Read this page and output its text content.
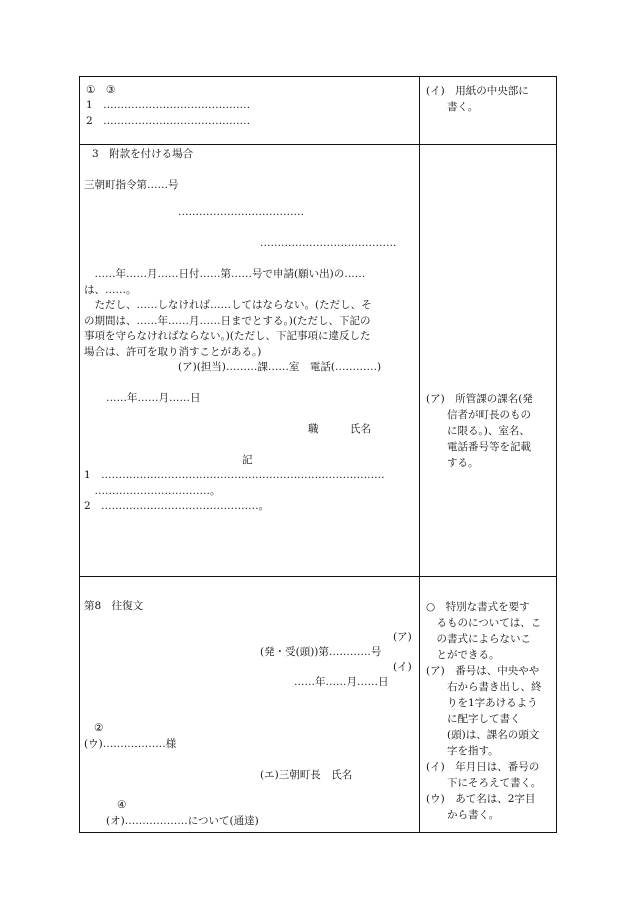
①　③
1　……………………………………
2　……………………………………
(イ)　用紙の中央部に
　　書く。
3　附款を付ける場合
三朝町指令第……号
………………………………
…………………………………
　……年……月……日付……第……号で申請(願い出)の……
は、……。
　ただし、……しなければ……してはならない。(ただし、そ
の期間は、……年……月……日までとする。)(ただし、下記の
事項を守らなければならない。)(ただし、下記事項に違反した
場合は、許可を取り消すことがある。)
(ア)(担当)………課……室　電話(…………)
……年……月……日
職　　　氏名
記
1　………………………………………………………………………
　……………………………。
2　………………………………………。
(ア)　所管課の課名(発
　　信者が町長のもの
　　に限る。)、室名、
　　電話番号等を記載
　　する。
第8　往復文
(ア)
(発・受(頭))第…………号
(イ)
……年……月……日
②
(ウ)………………様
(エ)三朝町長　氏名
④
(オ)………………について(通達)
○　特別な書式を要す
　るものについては、こ
　の書式によらないこ
　とができる。
(ア)　番号は、中央やや
　　右から書き出し、終
　　りを1字あけるよう
　　に配字して書く
　　(頭)は、課名の頭文
　　字を指す。
(イ)　年月日は、番号の
　　下にそろえて書く。
(ウ)　あて名は、2字目
　　から書く。
